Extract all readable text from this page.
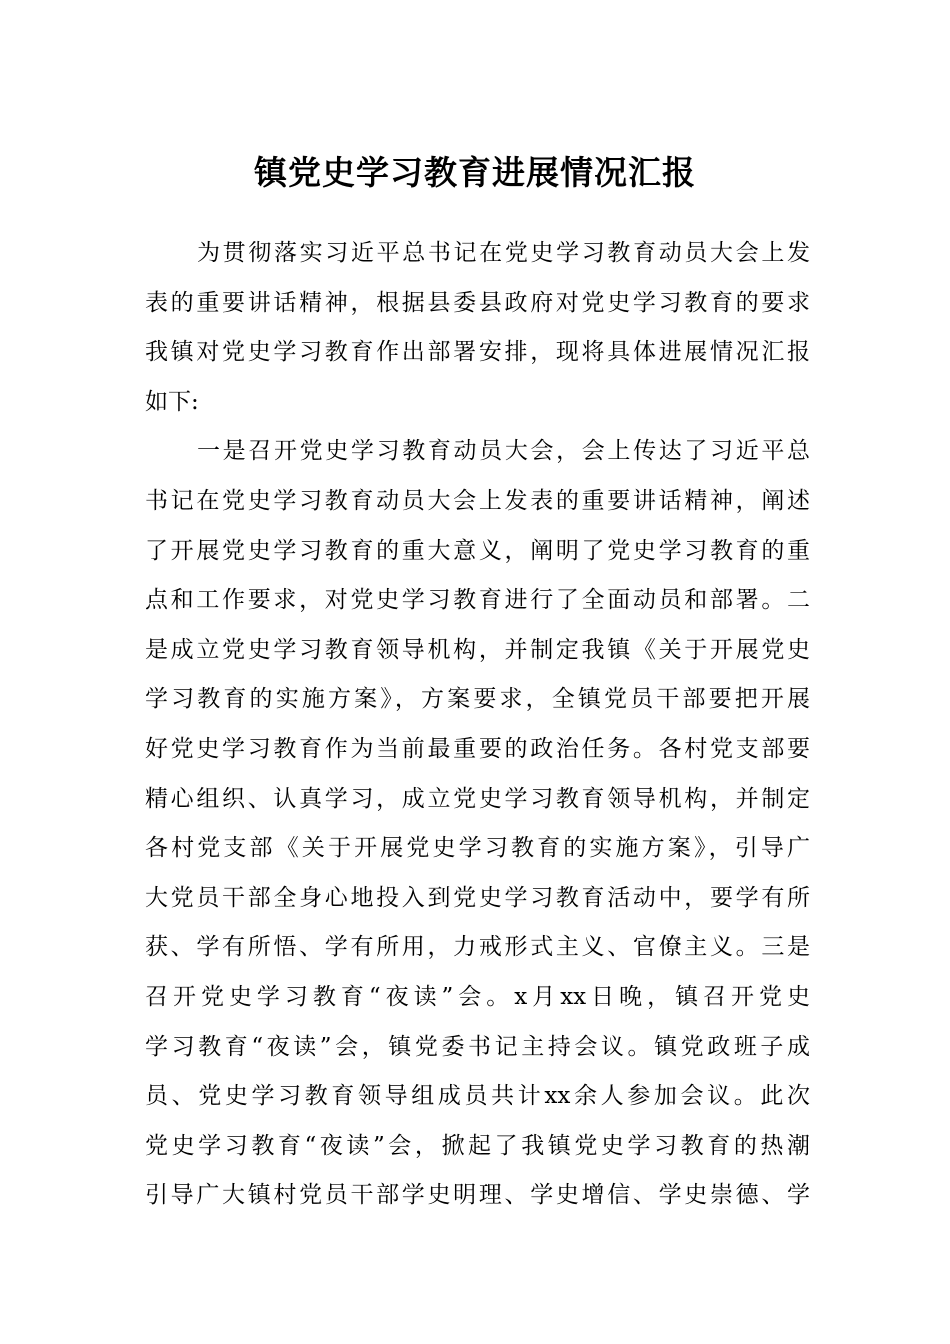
镇党史学习教育进展情况汇报
为贯彻落实习近平总书记在党史学习教育动员大会上发
表的重要讲话精神，根据县委县政府对党史学习教育的要求
我镇对党史学习教育作出部署安排，现将具体进展情况汇报
如下:
一是召开党史学习教育动员大会，会上传达了习近平总
书记在党史学习教育动员大会上发表的重要讲话精神，阐述
了开展党史学习教育的重大意义，阐明了党史学习教育的重
点和工作要求，对党史学习教育进行了全面动员和部署。二
是成立党史学习教育领导机构，并制定我镇《关于开展党史
学习教育的实施方案》，方案要求，全镇党员干部要把开展
好党史学习教育作为当前最重要的政治任务。各村党支部要
精心组织、认真学习，成立党史学习教育领导机构，并制定
各村党支部《关于开展党史学习教育的实施方案》，引导广
大党员干部全身心地投入到党史学习教育活动中，要学有所
获、学有所悟、学有所用，力戒形式主义、官僚主义。三是
召开党史学习教育“夜读”会。x月xx日晚，镇召开党史
学习教育“夜读”会，镇党委书记主持会议。镇党政班子成
员、党史学习教育领导组成员共计xx余人参加会议。此次
党史学习教育“夜读”会，掀起了我镇党史学习教育的热潮
引导广大镇村党员干部学史明理、学史增信、学史崇德、学
